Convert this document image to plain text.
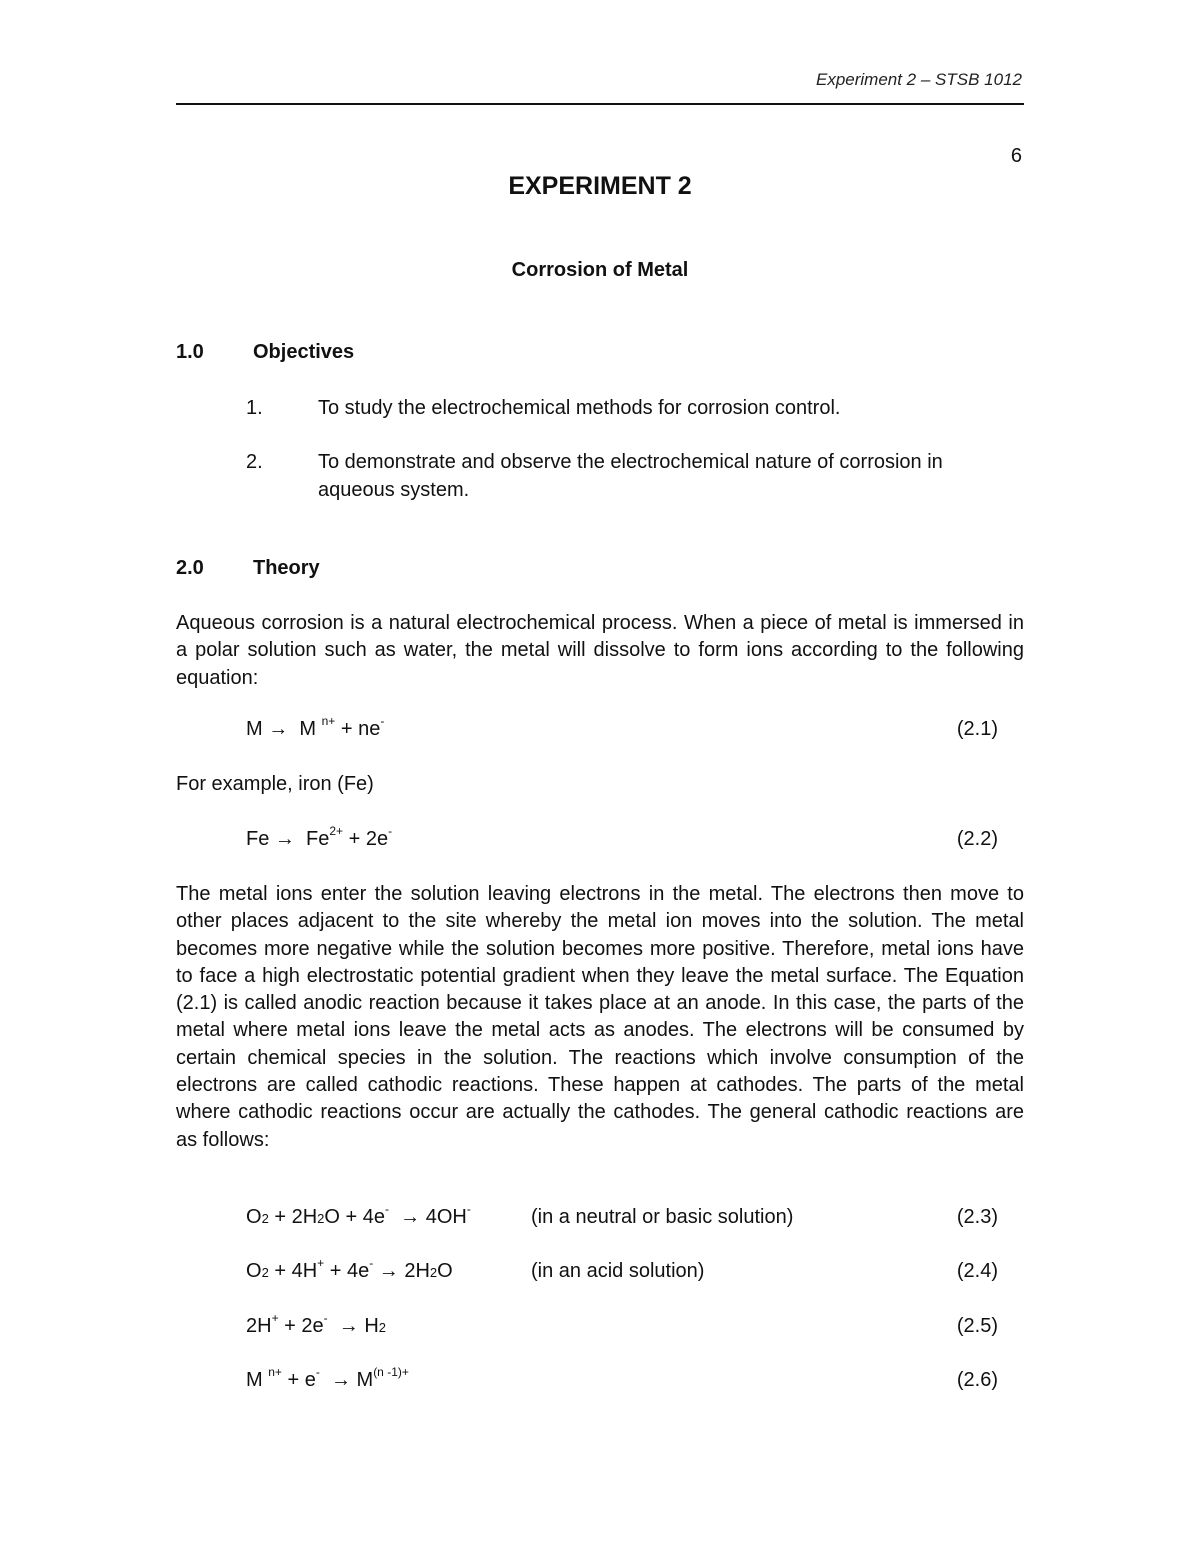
Experiment 2 – STSB 1012
6
EXPERIMENT 2
Corrosion of Metal
1.0 Objectives
1.	To study the electrochemical methods for corrosion control.
2.	To demonstrate and observe the electrochemical nature of corrosion in aqueous system.
2.0 Theory

Aqueous corrosion is a natural electrochemical process. When a piece of metal is immersed in a polar solution such as water, the metal will dissolve to form ions according to the following equation:

M → M $^{n+}$ + ne-	(2.1)
For example, iron (Fe)
$Fe \to Fe^{2+} + 2e^-$	(2.2)

The metal ions enter the solution leaving electrons in the metal. The electrons then move to other places adjacent to the site whereby the metal ion moves into the solution. The metal becomes more negative while the solution becomes more positive. Therefore, metal ions have to face a high electrostatic potential gradient when they leave the metal surface. The Equation (2.1) is called anodic reaction because it takes place at an anode. In this case, the parts of the metal where metal ions leave the metal acts as anodes. The electrons will be consumed by certain chemical species in the solution. The reactions which involve consumption of the electrons are called cathodic reactions. These happen at cathodes. The parts of the metal where cathodic reactions occur are actually the cathodes. The general cathodic reactions are as follows:

O2 + 2H2O + 4e- → 4OH-	(in a neutral or basic solution)	(2.3)
O2 + 4H+ + 4e- → 2H2O	(in an acid solution)	(2.4)
2H+ + 2e- → H2	(2.5)
M $^{n+} + e^- \to M^{(n -1)+}$	(2.6)
